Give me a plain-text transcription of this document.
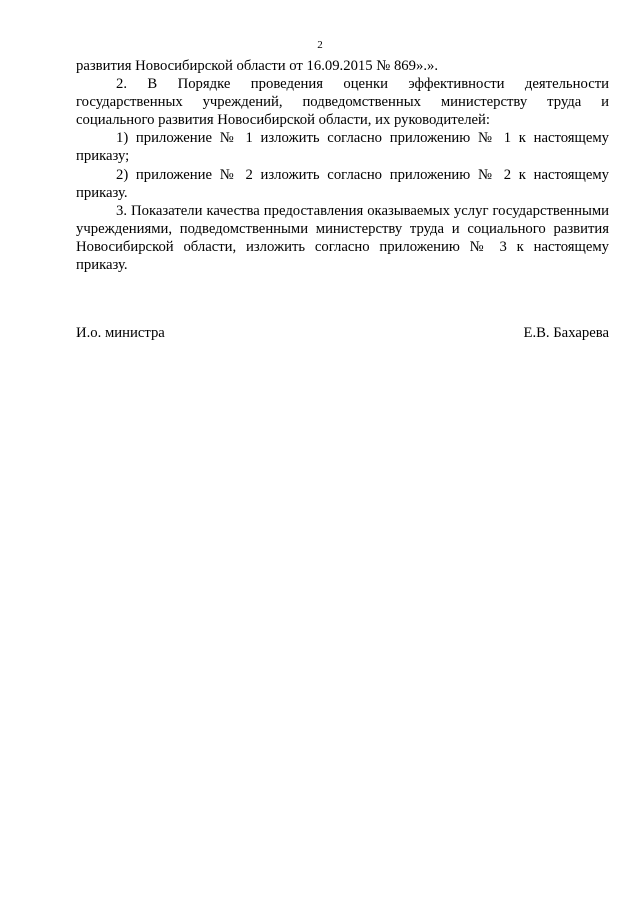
2

развития Новосибирской области от 16.09.2015 № 869».».

2. В Порядке проведения оценки эффективности деятельности государственных учреждений, подведомственных министерству труда и социального развития Новосибирской области, их руководителей:

1) приложение № 1 изложить согласно приложению № 1 к настоящему приказу;

2) приложение № 2 изложить согласно приложению № 2 к настоящему приказу.

3. Показатели качества предоставления оказываемых услуг государственными учреждениями, подведомственными министерству труда и социального развития Новосибирской области, изложить согласно приложению № 3 к настоящему приказу.

И.о. министра	Е.В. Бахарева
